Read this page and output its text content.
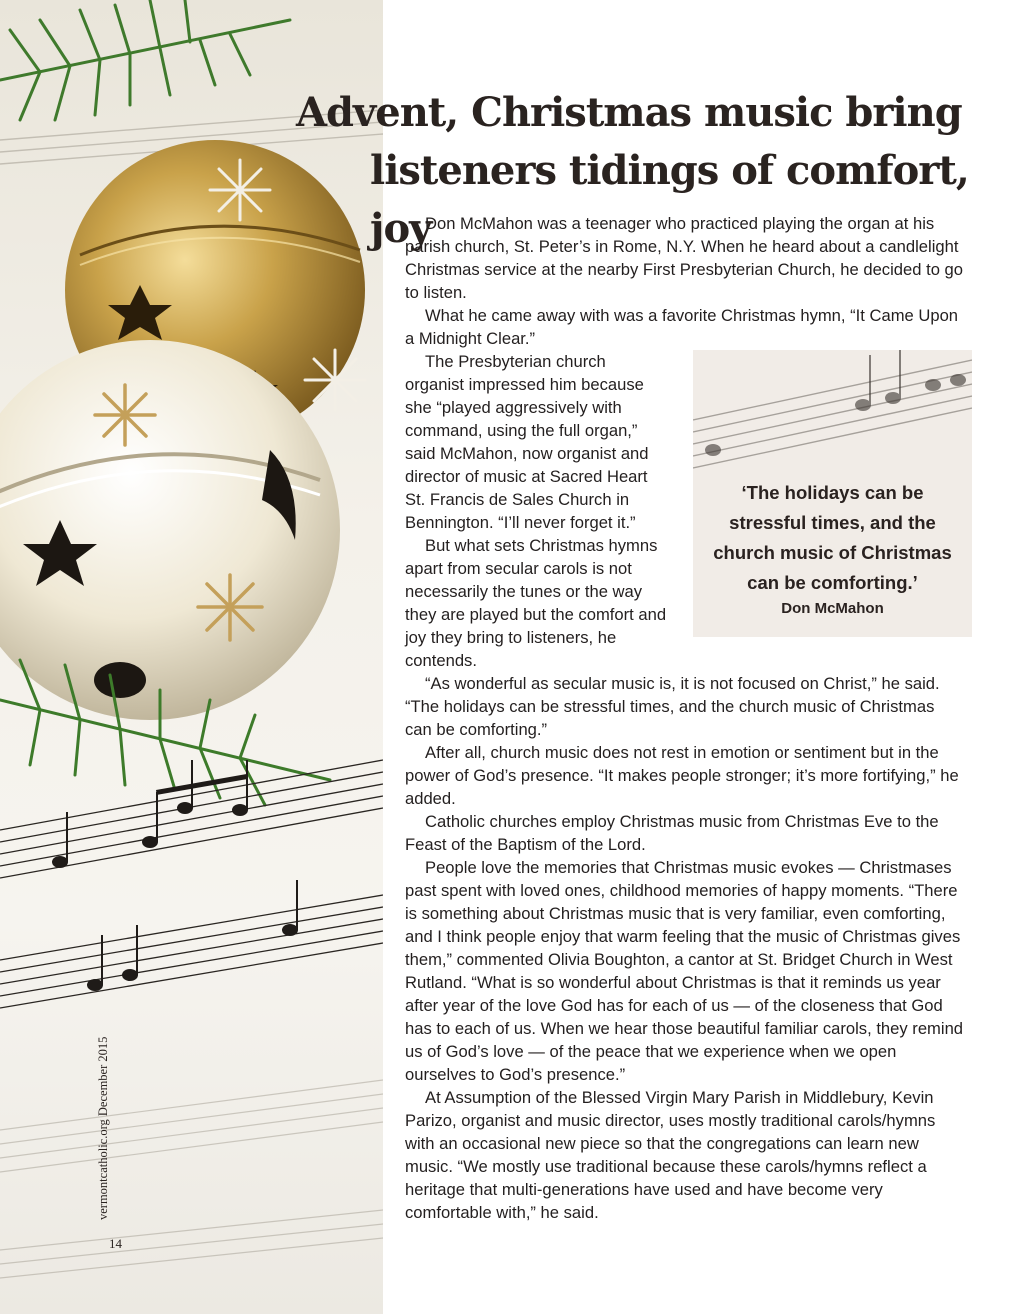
Advent, Christmas music bring
listeners tidings of comfort, joy
‘The holidays can be stressful times, and the church music of Christmas can be comforting.’
Don McMahon

Don McMahon was a teenager who practiced playing the organ at his parish church, St. Peter’s in Rome, N.Y. When he heard about a candlelight Christmas service at the nearby First Presbyterian Church, he decided to go to listen.

What he came away with was a favorite Christmas hymn, “It Came Upon a Midnight Clear.”

The Presbyterian church organist impressed him because she “played aggressively with command, using the full organ,” said McMahon, now organist and director of music at Sacred Heart St. Francis de Sales Church in Bennington. “I’ll never forget it.”

But what sets Christmas hymns apart from secular carols is not necessarily the tunes or the way they are played but the comfort and joy they bring to listeners, he contends.

“As wonderful as secular music is, it is not focused on Christ,” he said. “The holidays can be stressful times, and the church music of Christmas can be comforting.”

After all, church music does not rest in emotion or sentiment but in the power of God’s presence. “It makes people stronger; it’s more fortifying,” he added.

Catholic churches employ Christmas music from Christmas Eve to the Feast of the Baptism of the Lord.

People love the memories that Christmas music evokes — Christmases past spent with loved ones, childhood memories of happy moments. “There is something about Christmas music that is very familiar, even comforting, and I think people enjoy that warm feeling that the music of Christmas gives them,” commented Olivia Boughton, a cantor at St. Bridget Church in West Rutland. “What is so wonderful about Christmas is that it reminds us year after year of the love God has for each of us — of the closeness that God has to each of us. When we hear those beautiful familiar carols, they remind us of God’s love — of the peace that we experience when we open ourselves to God’s presence.”

At Assumption of the Blessed Virgin Mary Parish in Middlebury, Kevin Parizo, organist and music director, uses mostly traditional carols/hymns with an occasional new piece so that the congregations can learn new music. “We mostly use traditional because these carols/hymns reflect a heritage that multi-generations have used and have become very comfortable with,” he said.

vermontcatholic.org December 2015
14
